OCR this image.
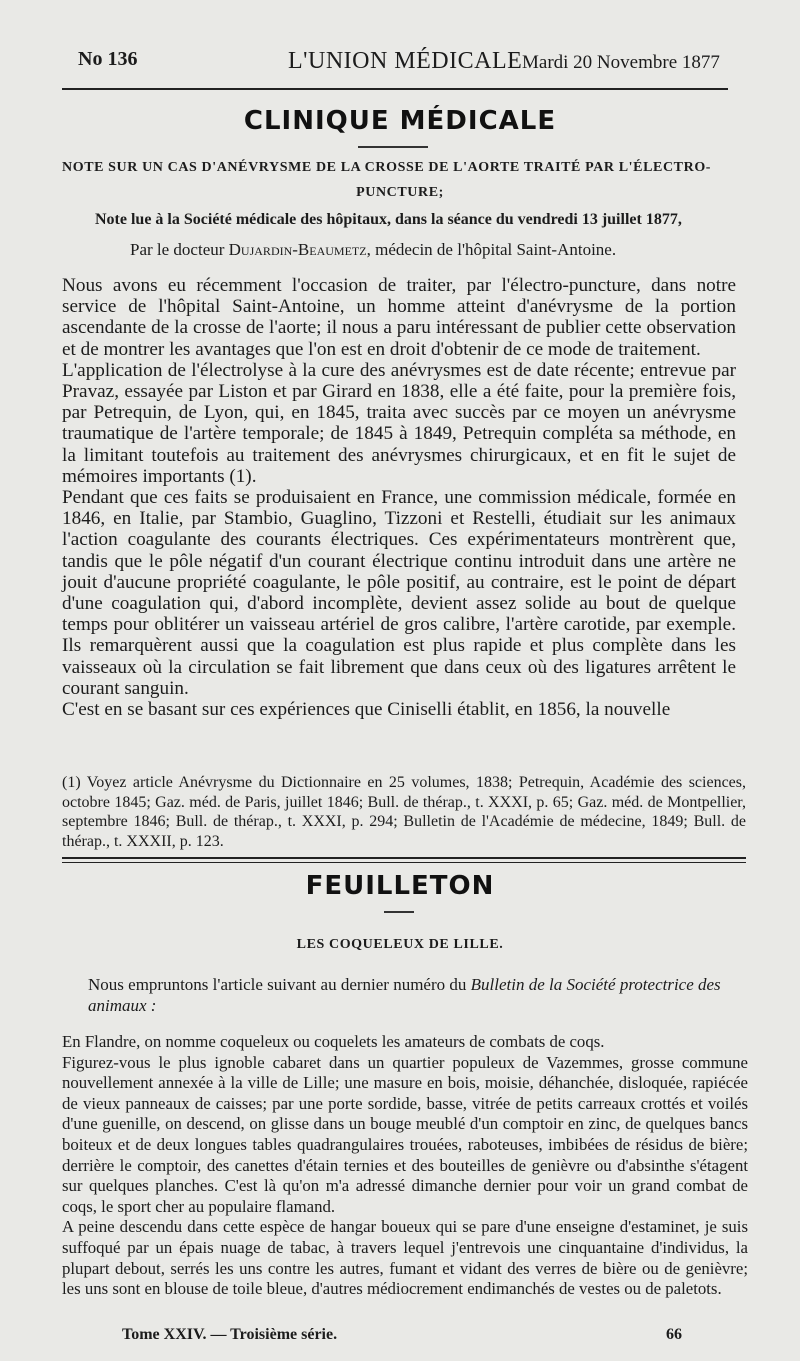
No 136	L'UNION MÉDICALE Mardi 20 Novembre 1877
CLINIQUE MÉDICALE
NOTE SUR UN CAS D'ANÉVRYSME DE LA CROSSE DE L'AORTE TRAITÉ PAR L'ÉLECTRO-
PUNCTURE;
Note lue à la Société médicale des hôpitaux, dans la séance du vendredi 13 juillet 1877,
Par le docteur Dujardin-Beaumetz, médecin de l'hôpital Saint-Antoine.
Nous avons eu récemment l'occasion de traiter, par l'électro-puncture, dans notre service de l'hôpital Saint-Antoine, un homme atteint d'anévrysme de la portion ascendante de la crosse de l'aorte; il nous a paru intéressant de publier cette observation et de montrer les avantages que l'on est en droit d'obtenir de ce mode de traitement.
L'application de l'électrolyse à la cure des anévrysmes est de date récente; entrevue par Pravaz, essayée par Liston et par Girard en 1838, elle a été faite, pour la première fois, par Petrequin, de Lyon, qui, en 1845, traita avec succès par ce moyen un anévrysme traumatique de l'artère temporale; de 1845 à 1849, Petrequin compléta sa méthode, en la limitant toutefois au traitement des anévrysmes chirurgicaux, et en fit le sujet de mémoires importants (1).
Pendant que ces faits se produisaient en France, une commission médicale, formée en 1846, en Italie, par Stambio, Guaglino, Tizzoni et Restelli, étudiait sur les animaux l'action coagulante des courants électriques. Ces expérimentateurs montrèrent que, tandis que le pôle négatif d'un courant électrique continu introduit dans une artère ne jouit d'aucune propriété coagulante, le pôle positif, au contraire, est le point de départ d'une coagulation qui, d'abord incomplète, devient assez solide au bout de quelque temps pour oblitérer un vaisseau artériel de gros calibre, l'artère carotide, par exemple. Ils remarquèrent aussi que la coagulation est plus rapide et plus complète dans les vaisseaux où la circulation se fait librement que dans ceux où des ligatures arrêtent le courant sanguin.
C'est en se basant sur ces expériences que Ciniselli établit, en 1856, la nouvelle
(1) Voyez article Anévrysme du Dictionnaire en 25 volumes, 1838; Petrequin, Académie des sciences, octobre 1845; Gaz. méd. de Paris, juillet 1846; Bull. de thérap., t. XXXI, p. 65; Gaz. méd. de Montpellier, septembre 1846; Bull. de thérap., t. XXXI, p. 294; Bulletin de l'Académie de médecine, 1849; Bull. de thérap., t. XXXII, p. 123.
FEUILLETON
LES COQUELEUX DE LILLE.
Nous empruntons l'article suivant au dernier numéro du Bulletin de la Société protectrice des animaux :
En Flandre, on nomme coqueleux ou coquelets les amateurs de combats de coqs.
Figurez-vous le plus ignoble cabaret dans un quartier populeux de Vazemmes, grosse commune nouvellement annexée à la ville de Lille; une masure en bois, moisie, déhanchée, disloquée, rapiécée de vieux panneaux de caisses; par une porte sordide, basse, vitrée de petits carreaux crottés et voilés d'une guenille, on descend, on glisse dans un bouge meublé d'un comptoir en zinc, de quelques bancs boiteux et de deux longues tables quadrangulaires trouées, raboteuses, imbibées de résidus de bière; derrière le comptoir, des canettes d'étain ternies et des bouteilles de genièvre ou d'absinthe s'étagent sur quelques planches. C'est là qu'on m'a adressé dimanche dernier pour voir un grand combat de coqs, le sport cher au populaire flamand.
A peine descendu dans cette espèce de hangar boueux qui se pare d'une enseigne d'estaminet, je suis suffoqué par un épais nuage de tabac, à travers lequel j'entrevois une cinquantaine d'individus, la plupart debout, serrés les uns contre les autres, fumant et vidant des verres de bière ou de genièvre; les uns sont en blouse de toile bleue, d'autres médiocrement endimanchés de vestes ou de paletots.
Tome XXIV. — Troisième série.	66
